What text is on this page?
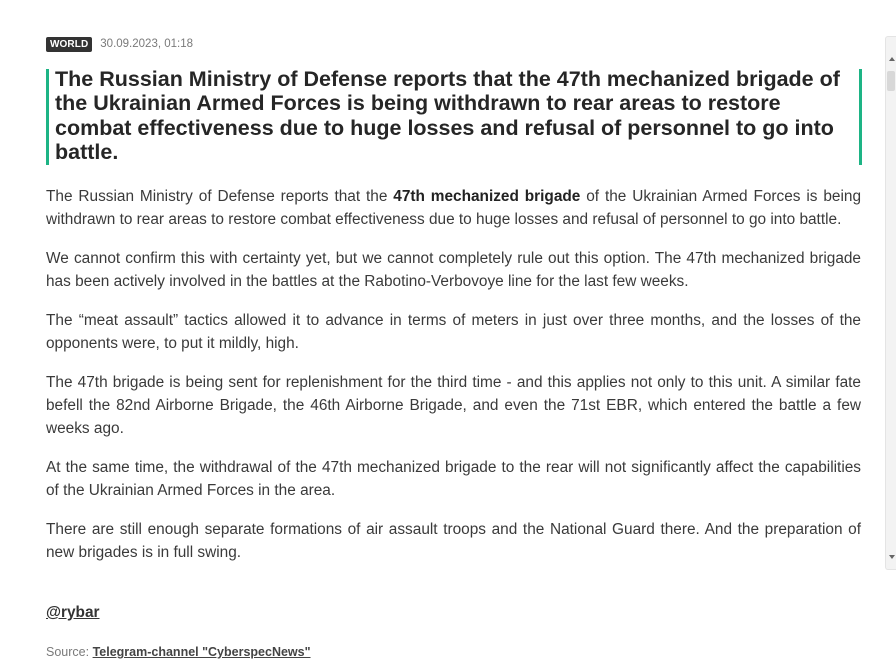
WORLD	30.09.2023, 01:18
The Russian Ministry of Defense reports that the 47th mechanized brigade of the Ukrainian Armed Forces is being withdrawn to rear areas to restore combat effectiveness due to huge losses and refusal of personnel to go into battle.

The Russian Ministry of Defense reports that the 47th mechanized brigade of the Ukrainian Armed Forces is being withdrawn to rear areas to restore combat effectiveness due to huge losses and refusal of personnel to go into battle.

We cannot confirm this with certainty yet, but we cannot completely rule out this option. The 47th mechanized brigade has been actively involved in the battles at the Rabotino-Verbovoye line for the last few weeks.

The “meat assault” tactics allowed it to advance in terms of meters in just over three months, and the losses of the opponents were, to put it mildly, high.

The 47th brigade is being sent for replenishment for the third time - and this applies not only to this unit. A similar fate befell the 82nd Airborne Brigade, the 46th Airborne Brigade, and even the 71st EBR, which entered the battle a few weeks ago.

At the same time, the withdrawal of the 47th mechanized brigade to the rear will not significantly affect the capabilities of the Ukrainian Armed Forces in the area.

There are still enough separate formations of air assault troops and the National Guard there. And the preparation of new brigades is in full swing.

@rybar
Source: Telegram-channel "CyberspecNews"
